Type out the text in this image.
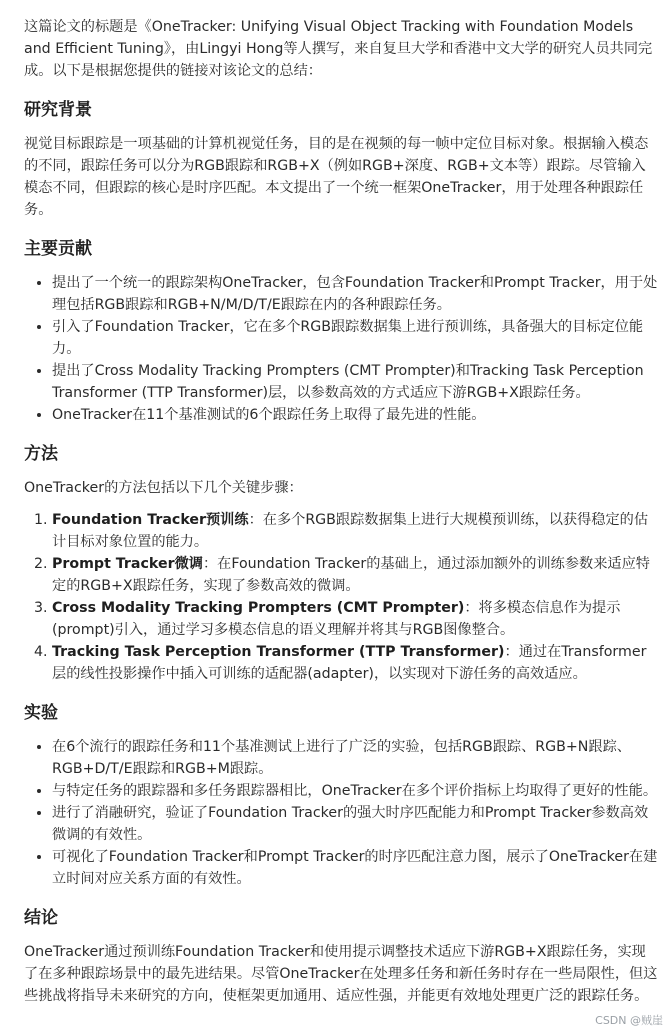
这篇论文的标题是《OneTracker: Unifying Visual Object Tracking with Foundation Models and Efficient Tuning》，由Lingyi Hong等人撰写，来自复旦大学和香港中文大学的研究人员共同完成。以下是根据您提供的链接对该论文的总结：

研究背景

视觉目标跟踪是一项基础的计算机视觉任务，目的是在视频的每一帧中定位目标对象。根据输入模态的不同，跟踪任务可以分为RGB跟踪和RGB+X（例如RGB+深度、RGB+文本等）跟踪。尽管输入模态不同，但跟踪的核心是时序匹配。本文提出了一个统一框架OneTracker，用于处理各种跟踪任务。

主要贡献
• 提出了一个统一的跟踪架构OneTracker，包含Foundation Tracker和Prompt Tracker，用于处理包括RGB跟踪和RGB+N/M/D/T/E跟踪在内的各种跟踪任务。
• 引入了Foundation Tracker，它在多个RGB跟踪数据集上进行预训练，具备强大的目标定位能力。
• 提出了Cross Modality Tracking Prompters (CMT Prompter)和Tracking Task Perception Transformer (TTP Transformer)层，以参数高效的方式适应下游RGB+X跟踪任务。
• OneTracker在11个基准测试的6个跟踪任务上取得了最先进的性能。
方法

OneTracker的方法包括以下几个关键步骤：

1. Foundation Tracker预训练：在多个RGB跟踪数据集上进行大规模预训练，以获得稳定的估计目标对象位置的能力。
2. Prompt Tracker微调：在Foundation Tracker的基础上，通过添加额外的训练参数来适应特定的RGB+X跟踪任务，实现了参数高效的微调。
3. Cross Modality Tracking Prompters (CMT Prompter)：将多模态信息作为提示(prompt)引入，通过学习多模态信息的语义理解并将其与RGB图像整合。
4. Tracking Task Perception Transformer (TTP Transformer)：通过在Transformer层的线性投影操作中插入可训练的适配器(adapter)，以实现对下游任务的高效适应。
实验
• 在6个流行的跟踪任务和11个基准测试上进行了广泛的实验，包括RGB跟踪、RGB+N跟踪、RGB+D/T/E跟踪和RGB+M跟踪。
• 与特定任务的跟踪器和多任务跟踪器相比，OneTracker在多个评价指标上均取得了更好的性能。
• 进行了消融研究，验证了Foundation Tracker的强大时序匹配能力和Prompt Tracker参数高效微调的有效性。
• 可视化了Foundation Tracker和Prompt Tracker的时序匹配注意力图，展示了OneTracker在建立时间对应关系方面的有效性。
结论

OneTracker通过预训练Foundation Tracker和使用提示调整技术适应下游RGB+X跟踪任务，实现了在多种跟踪场景中的最先进结果。尽管OneTracker在处理多任务和新任务时存在一些局限性，但这些挑战将指导未来研究的方向，使框架更加通用、适应性强，并能更有效地处理更广泛的跟踪任务。

CSDN @贼崖
